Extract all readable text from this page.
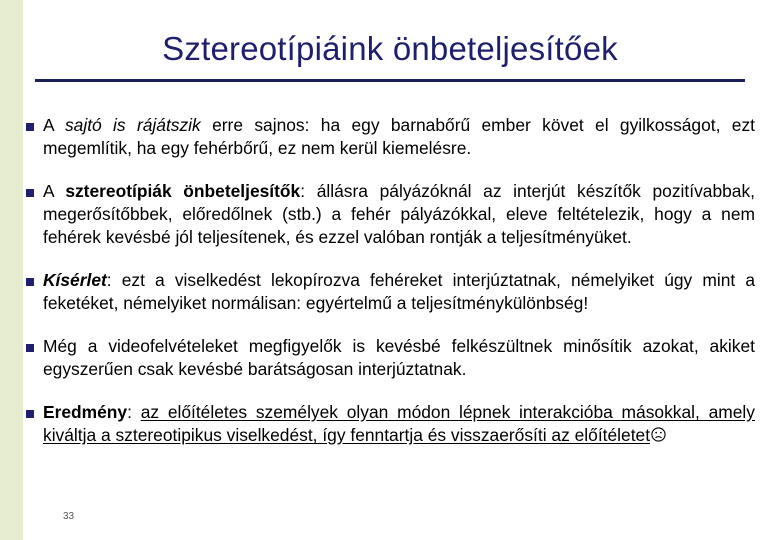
Sztereotípiáink önbeteljesítőek
A sajtó is rájátszik erre sajnos: ha egy barnabőrű ember követ el gyilkosságot, ezt megemlítik, ha egy fehérbőrű, ez nem kerül kiemelésre.
A sztereotípiák önbeteljesítők: állásra pályázóknál az interjút készítők pozitívabbak, megerősítőbbek, előredőlnek (stb.) a fehér pályázókkal, eleve feltételezik, hogy a nem fehérek kevésbé jól teljesítenek, és ezzel valóban rontják a teljesítményüket.
Kísérlet: ezt a viselkedést lekopírozva fehéreket interjúztatnak, némelyiket úgy mint a feketéket, némelyiket normálisan: egyértelmű a teljesítménykülönbség!
Még a videofelvételeket megfigyelők is kevésbé felkészültnek minősítik azokat, akiket egyszerűen csak kevésbé barátságosan interjúztatnak.
Eredmény: az előítéletes személyek olyan módon lépnek interakcióba másokkal, amely kiváltja a sztereotipikus viselkedést, így fenntartja és visszaerősíti az előítéletet
33
